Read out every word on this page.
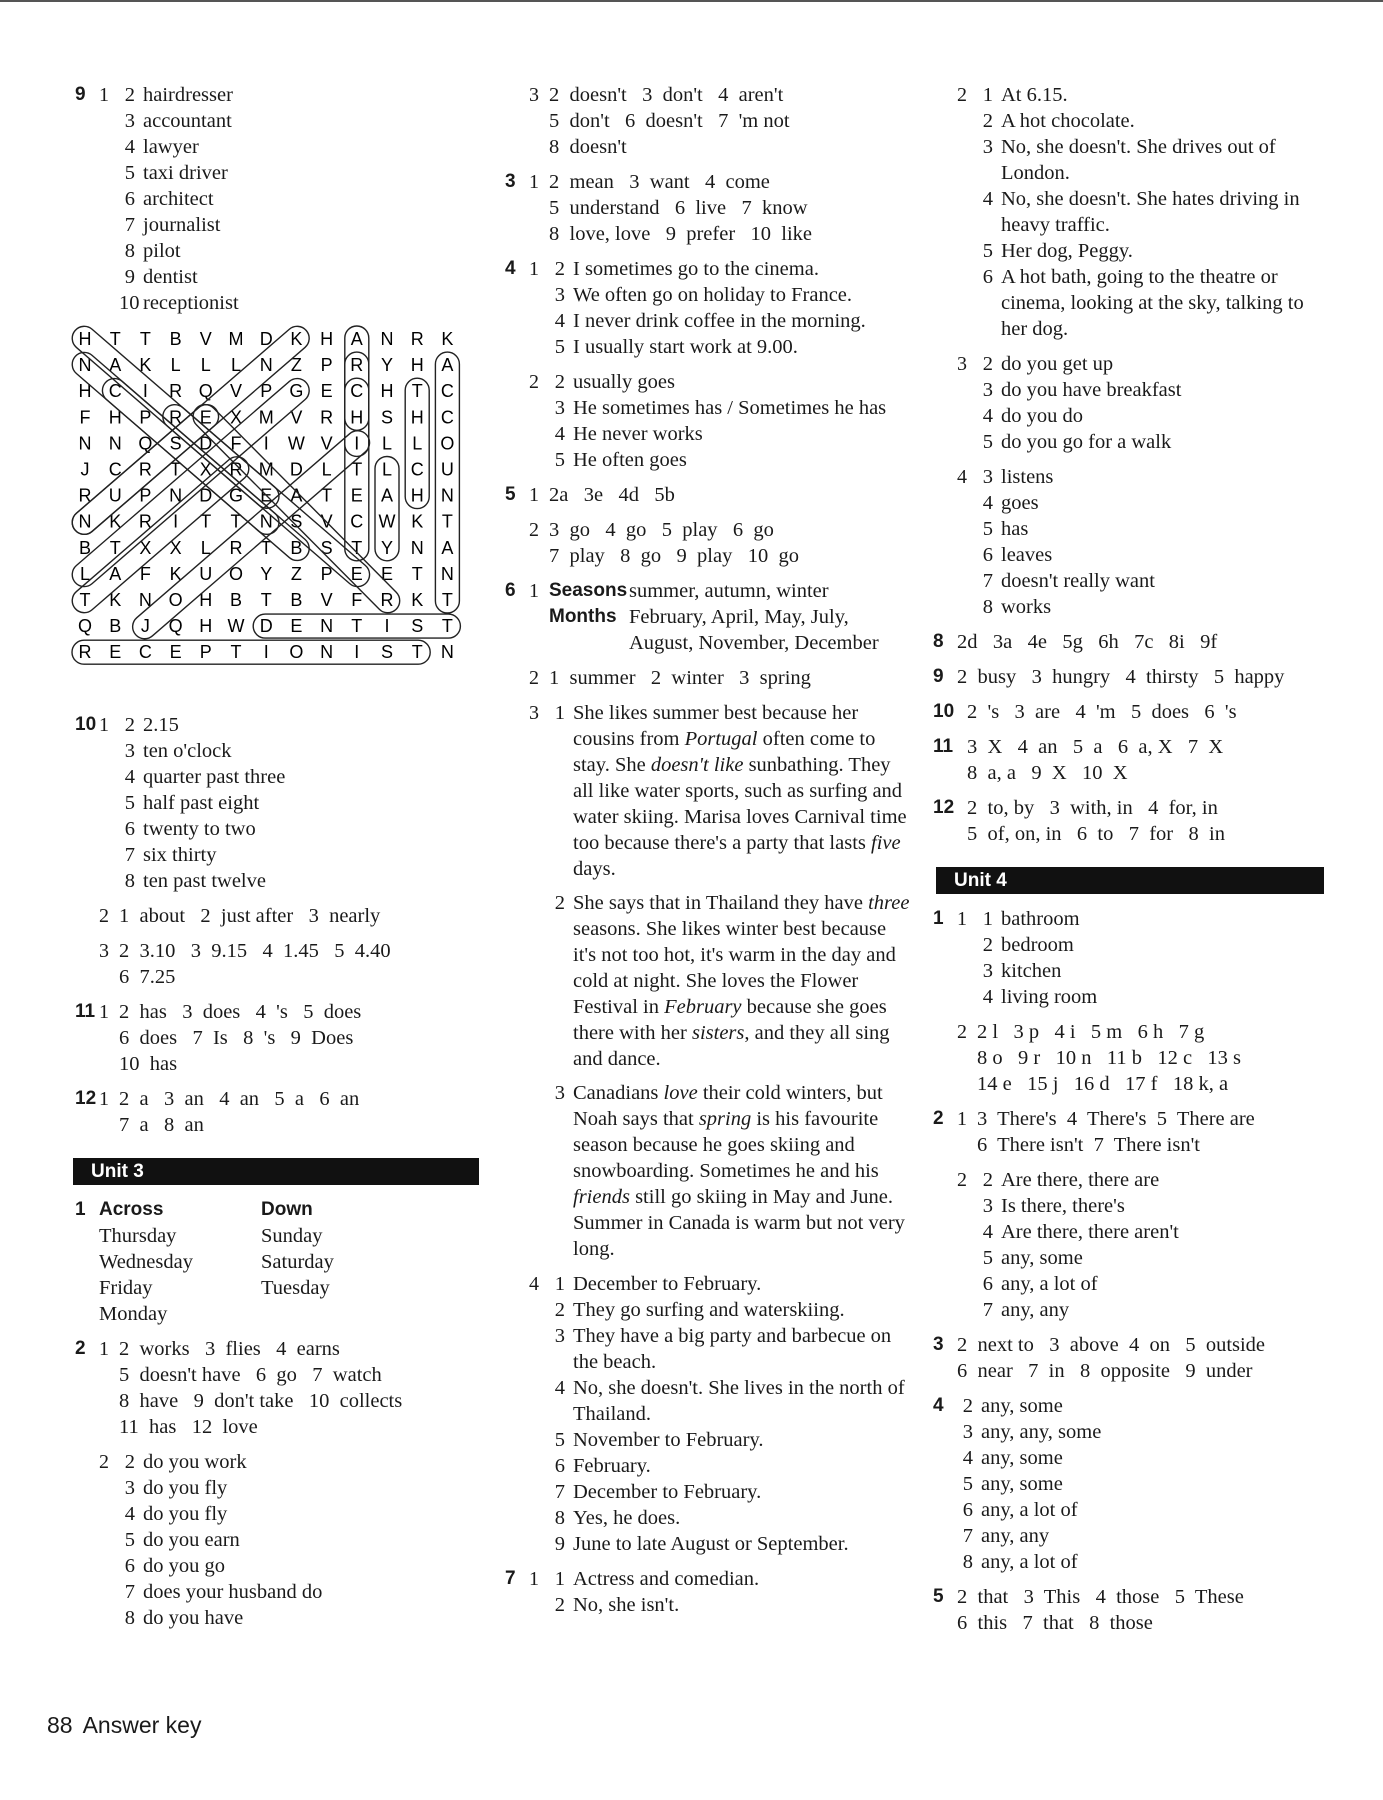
9 1 2 hairdresser
3 accountant
4 lawyer
5 taxi driver
6 architect
7 journalist
8 pilot
9 dentist
10 receptionist
H T T B V M D K H A N R K
N A K L L L N Z P R Y H A
H C I R Q V P G E C H T C
F H P R E X M V R H S H C
N N Q S D F I W V I L L O
J C R T X R M D L T L C U
R U P N D G E A T E A H N
N K R I T T N S V C W K T
B T X X L R T B S T Y N A
L A F K U O Y Z P E E T N
T K N O H B T B V F R K T
Q B J Q H W D E N T I S T
R E C E P T I O N I S T N
10 1 2 2.15
3 ten o'clock
4 quarter past three
5 half past eight
6 twenty to two
7 six thirty
8 ten past twelve
2 1  about   2  just after   3  nearly
3 2  3.10   3  9.15   4  1.45   5  4.40
6  7.25
11 1 2  has   3  does   4  's   5  does
6  does   7  Is   8  's   9  Does
10  has
12 1 2  a   3  an   4  an   5  a   6  an
7  a   8  an
Unit 3
1 Across
Thursday
Wednesday
Friday
Monday
Down
Sunday
Saturday
Tuesday
2 1 2  works   3  flies   4  earns
5  doesn't have   6  go   7  watch
8  have   9  don't take   10  collects
11  has   12  love
2 2 do you work
3 do you fly
4 do you fly
5 do you earn
6 do you go
7 does your husband do
8 do you have
3 2  doesn't   3  don't   4  aren't
5  don't   6  doesn't   7  'm not
8  doesn't
3 1 2  mean   3  want   4  come
5  understand   6  live   7  know
8  love, love   9  prefer   10  like
4 1 2 I sometimes go to the cinema.
3 We often go on holiday to France.
4 I never drink coffee in the morning.
5 I usually start work at 9.00.
2 2 usually goes
3 He sometimes has / Sometimes he has
4 He never works
5 He often goes
5 1 2a   3e   4d   5b
2 3  go   4  go   5  play   6  go
7  play   8  go   9  play   10  go
6 1 Seasons summer, autumn, winter
Months February, April, May, July, August, November, December
2 1  summer   2  winter   3  spring
3 1 She likes summer best because her cousins from Portugal often come to stay. She doesn't like sunbathing. They all like water sports, such as surfing and water skiing. Marisa loves Carnival time too because there's a party that lasts five days.
2 She says that in Thailand they have three seasons. She likes winter best because it's not too hot, it's warm in the day and cold at night. She loves the Flower Festival in February because she goes there with her sisters, and they all sing and dance.
3 Canadians love their cold winters, but Noah says that spring is his favourite season because he goes skiing and snowboarding. Sometimes he and his friends still go skiing in May and June. Summer in Canada is warm but not very long.
4 1 December to February.
2 They go surfing and waterskiing.
3 They have a big party and barbecue on the beach.
4 No, she doesn't. She lives in the north of Thailand.
5 November to February.
6 February.
7 December to February.
8 Yes, he does.
9 June to late August or September.
7 1 1 Actress and comedian.
2 No, she isn't.
2 1 At 6.15.
2 A hot chocolate.
3 No, she doesn't. She drives out of London.
4 No, she doesn't. She hates driving in heavy traffic.
5 Her dog, Peggy.
6 A hot bath, going to the theatre or cinema, looking at the sky, talking to her dog.
3 2 do you get up
3 do you have breakfast
4 do you do
5 do you go for a walk
4 3 listens
4 goes
5 has
6 leaves
7 doesn't really want
8 works
8 2d   3a   4e   5g   6h   7c   8i   9f
9 2  busy   3  hungry   4  thirsty   5  happy
10 2  's   3  are   4  'm   5  does   6  's
11 3  X   4  an   5  a   6  a, X   7  X
8  a, a   9  X   10  X
12 2  to, by   3  with, in   4  for, in
5  of, on, in   6  to   7  for   8  in
Unit 4
1 1 1 bathroom
2 bedroom
3 kitchen
4 living room
2 2 l   3 p   4 i   5 m   6 h   7 g
8 o   9 r   10 n   11 b   12 c   13 s
14 e   15 j   16 d   17 f   18 k, a
2 1 3  There's  4  There's  5  There are
6  There isn't  7  There isn't
2 2 Are there, there are
3 Is there, there's
4 Are there, there aren't
5 any, some
6 any, a lot of
7 any, any
3 2  next to   3  above  4  on   5  outside
6  near   7  in   8  opposite   9  under
4 2 any, some
3 any, any, some
4 any, some
5 any, some
6 any, a lot of
7 any, any
8 any, a lot of
5 2  that   3  This   4  those   5  These
6  this   7  that   8  those
88 Answer key
